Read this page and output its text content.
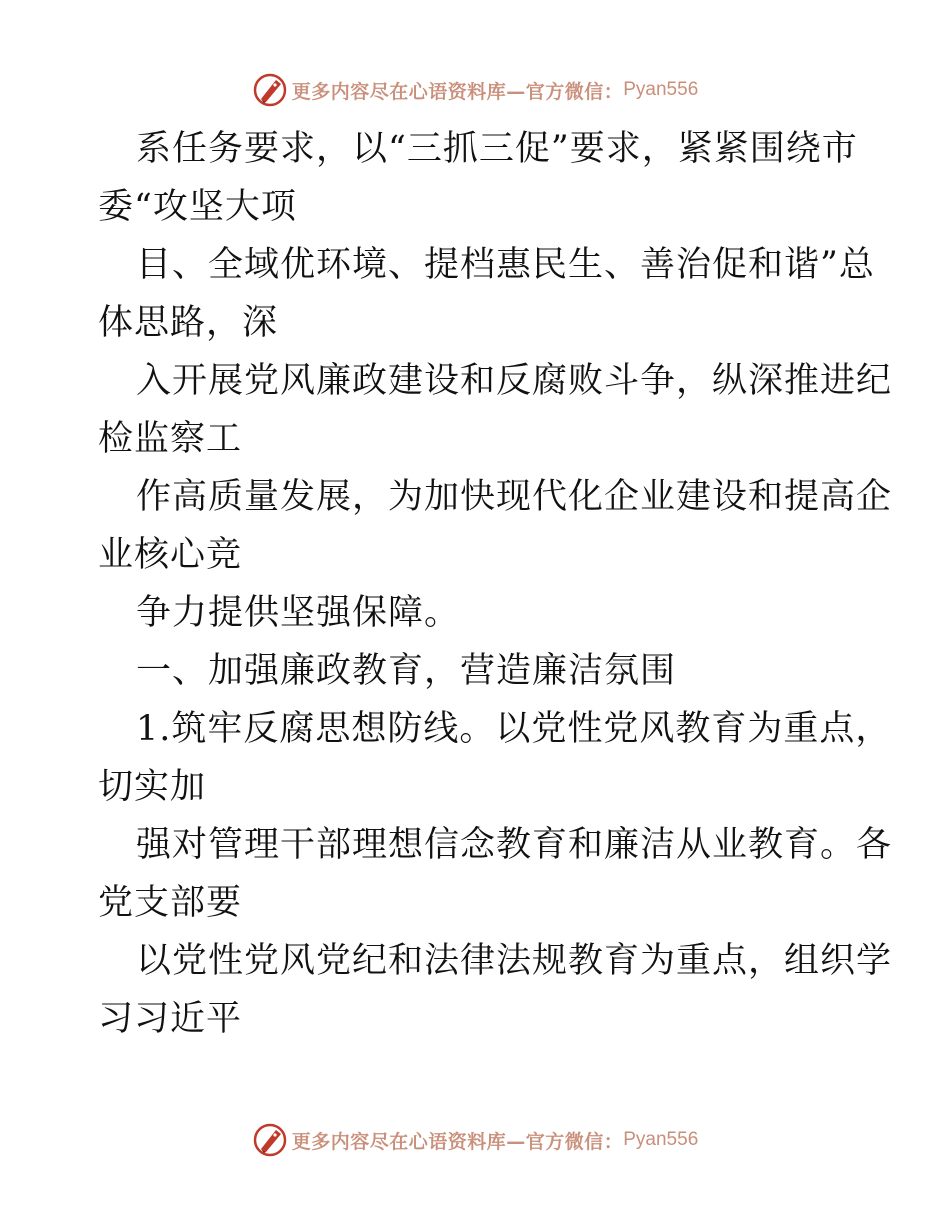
更多内容尽在心语资料库—官方微信： Pyan556
系任务要求，以“三抓三促”要求，紧紧围绕市
委“攻坚大项
目、全域优环境、提档惠民生、善治促和谐”总
体思路，深
入开展党风廉政建设和反腐败斗争，纵深推进纪
检监察工
作高质量发展，为加快现代化企业建设和提高企
业核心竞
争力提供坚强保障。
一、加强廉政教育，营造廉洁氛围
1.筑牢反腐思想防线。以党性党风教育为重点，
切实加
强对管理干部理想信念教育和廉洁从业教育。各
党支部要
以党性党风党纪和法律法规教育为重点，组织学
习习近平
更多内容尽在心语资料库—官方微信： Pyan556
